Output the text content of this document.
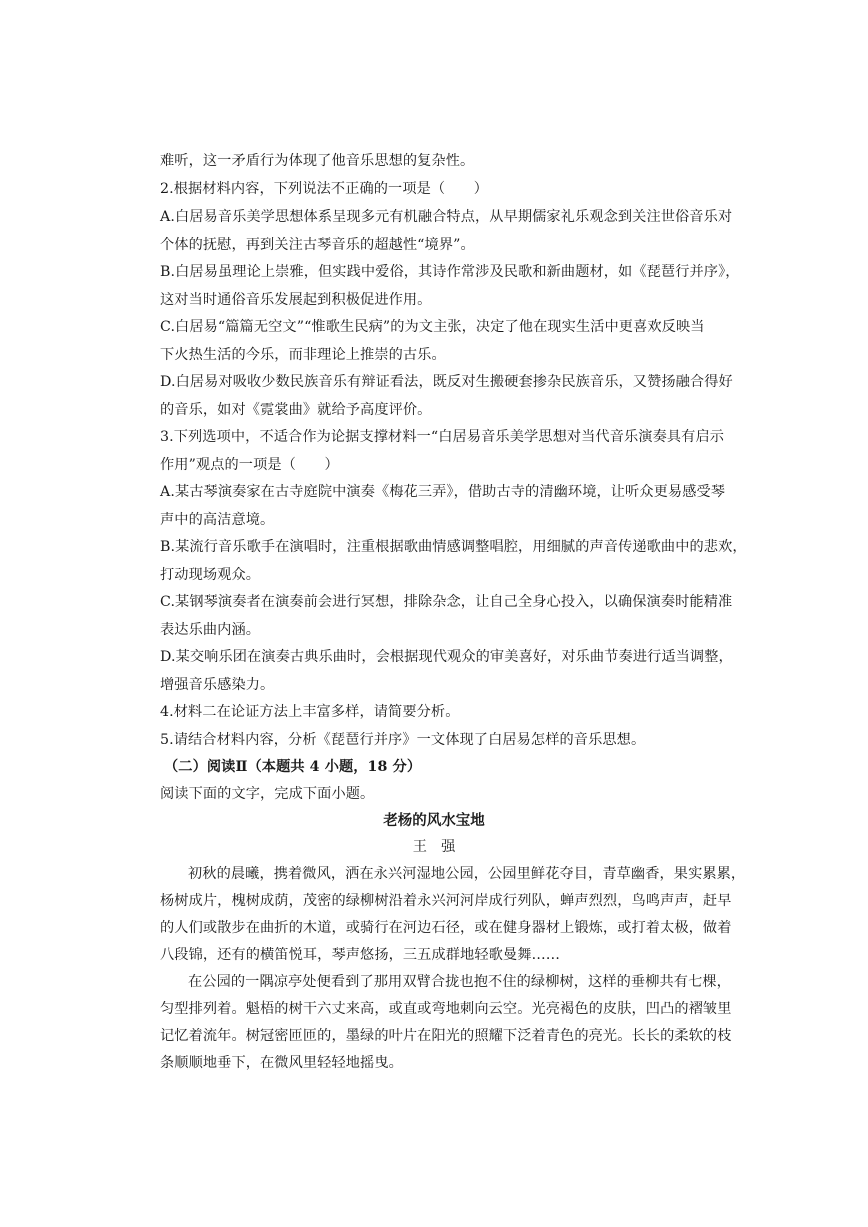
难听，这一矛盾行为体现了他音乐思想的复杂性。
2.根据材料内容，下列说法不正确的一项是（　　）
A.白居易音乐美学思想体系呈现多元有机融合特点，从早期儒家礼乐观念到关注世俗音乐对
个体的抚慰，再到关注古琴音乐的超越性“境界”。
B.白居易虽理论上崇雅，但实践中爱俗，其诗作常涉及民歌和新曲题材，如《琵琶行并序》，
这对当时通俗音乐发展起到积极促进作用。
C.白居易“篇篇无空文”“惟歌生民病”的为文主张，决定了他在现实生活中更喜欢反映当
下火热生活的今乐，而非理论上推崇的古乐。
D.白居易对吸收少数民族音乐有辩证看法，既反对生搬硬套掺杂民族音乐，又赞扬融合得好
的音乐，如对《霓裳曲》就给予高度评价。
3.下列选项中，不适合作为论据支撑材料一“白居易音乐美学思想对当代音乐演奏具有启示
作用”观点的一项是（　　）
A.某古琴演奏家在古寺庭院中演奏《梅花三弄》，借助古寺的清幽环境，让听众更易感受琴
声中的高洁意境。
B.某流行音乐歌手在演唱时，注重根据歌曲情感调整唱腔，用细腻的声音传递歌曲中的悲欢，
打动现场观众。
C.某钢琴演奏者在演奏前会进行冥想，排除杂念，让自己全身心投入，以确保演奏时能精准
表达乐曲内涵。
D.某交响乐团在演奏古典乐曲时，会根据现代观众的审美喜好，对乐曲节奏进行适当调整，
增强音乐感染力。
4.材料二在论证方法上丰富多样，请简要分析。
5.请结合材料内容，分析《琵琶行并序》一文体现了白居易怎样的音乐思想。
（二）阅读Ⅱ（本题共 4 小题，18 分）
阅读下面的文字，完成下面小题。
老杨的风水宝地
王　强
初秋的晨曦，携着微风，洒在永兴河湿地公园，公园里鲜花夺目，青草幽香，果实累累，
杨树成片，槐树成荫，茂密的绿柳树沿着永兴河河岸成行列队，蝉声烈烈，鸟鸣声声，赶早
的人们或散步在曲折的木道，或骑行在河边石径，或在健身器材上锻炼，或打着太极，做着
八段锦，还有的横笛悦耳，琴声悠扬，三五成群地轻歌曼舞……
在公园的一隅凉亭处便看到了那用双臂合拢也抱不住的绿柳树，这样的垂柳共有七棵，
匀型排列着。魁梧的树干六丈来高，或直或弯地刺向云空。光亮褐色的皮肤，凹凸的褶皱里
记忆着流年。树冠密匝匝的，墨绿的叶片在阳光的照耀下泛着青色的亮光。长长的柔软的枝
条顺顺地垂下，在微风里轻轻地摇曳。
